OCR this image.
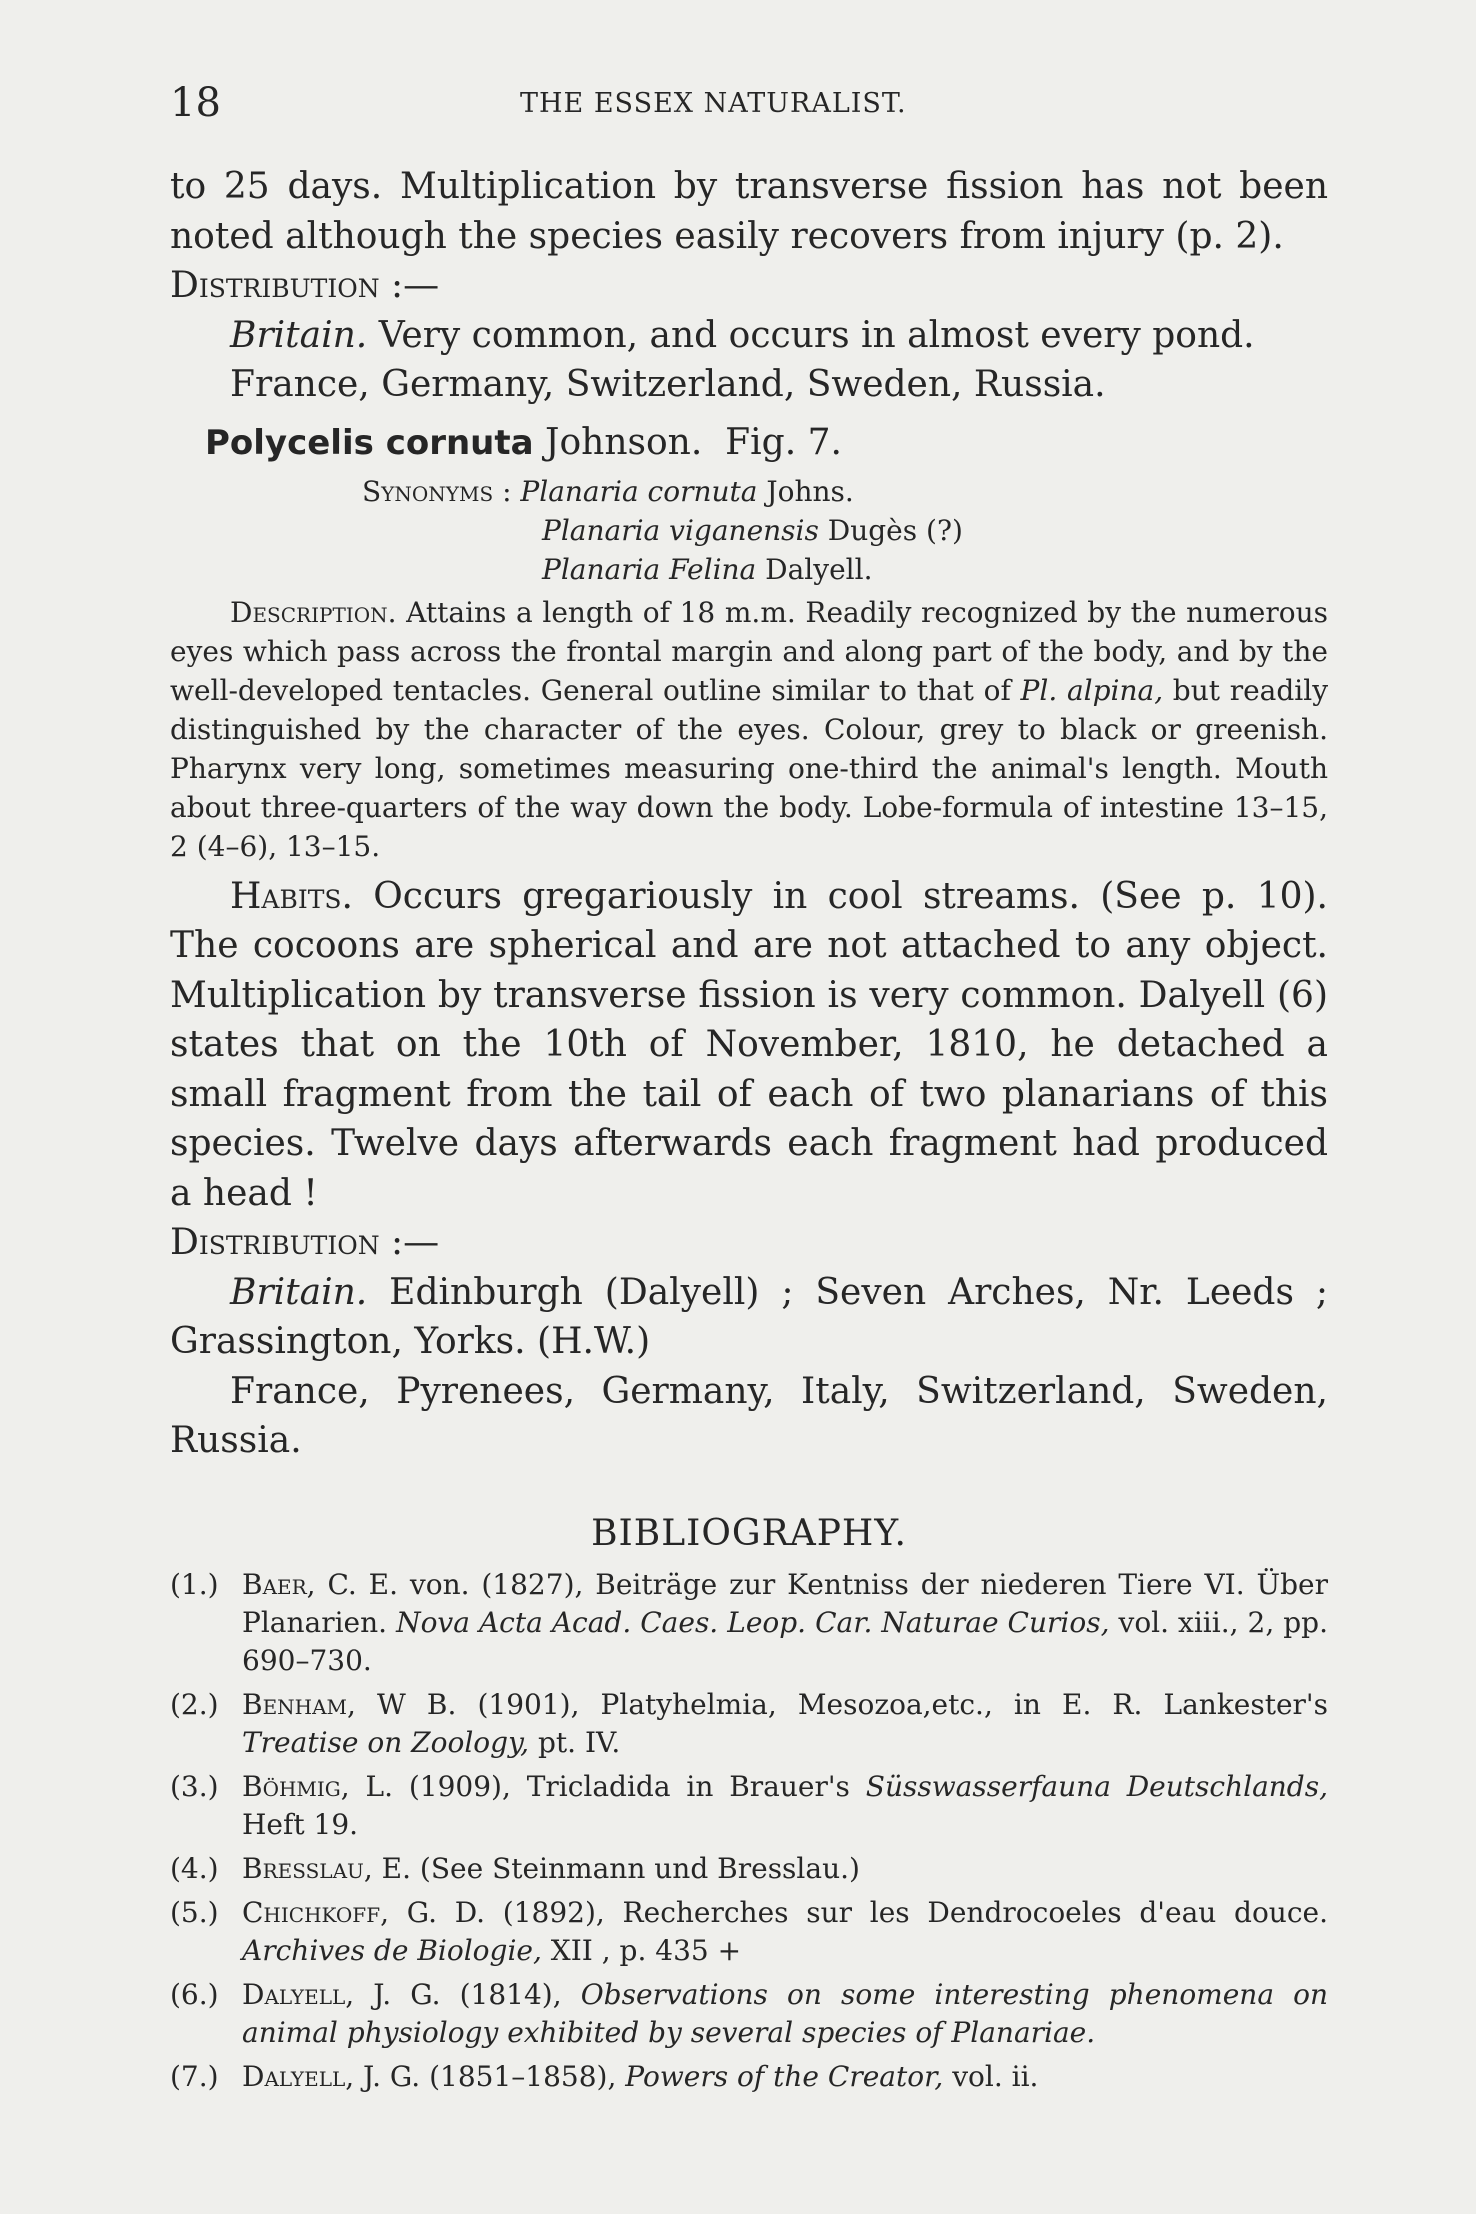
18	THE ESSEX NATURALIST.

to 25 days. Multiplication by transverse fission has not been noted although the species easily recovers from injury (p. 2).

Distribution :—

Britain. Very common, and occurs in almost every pond.

France, Germany, Switzerland, Sweden, Russia.

Polycelis cornuta Johnson. Fig. 7.

Synonyms : Planaria cornuta Johns.
Planaria viganensis Dugès (?)
Planaria Felina Dalyell.

Description. Attains a length of 18 m.m. Readily recognized by the numerous eyes which pass across the frontal margin and along part of the body, and by the well-developed tentacles. General outline similar to that of Pl. alpina, but readily distinguished by the character of the eyes. Colour, grey to black or greenish. Pharynx very long, sometimes measuring one-third the animal's length. Mouth about three-quarters of the way down the body. Lobe-formula of intestine 13–15, 2 (4–6), 13–15.

Habits. Occurs gregariously in cool streams. (See p. 10). The cocoons are spherical and are not attached to any object. Multiplication by transverse fission is very common. Dalyell (6) states that on the 10th of November, 1810, he detached a small fragment from the tail of each of two planarians of this species. Twelve days afterwards each fragment had produced a head !

Distribution :—

Britain. Edinburgh (Dalyell) ; Seven Arches, Nr. Leeds ; Grassington, Yorks. (H.W.)

France, Pyrenees, Germany, Italy, Switzerland, Sweden, Russia.

BIBLIOGRAPHY.
(1.) Baer, C. E. von. (1827), Beiträge zur Kentniss der niederen Tiere VI. Über Planarien. Nova Acta Acad. Caes. Leop. Car. Naturae Curios, vol. xiii., 2, pp. 690–730.
(2.) Benham, W B. (1901), Platyhelmia, Mesozoa,etc., in E. R. Lankester's Treatise on Zoology, pt. IV.
(3.) Böhmig, L. (1909), Tricladida in Brauer's Süsswasserfauna Deutschlands, Heft 19.
(4.) Bresslau, E. (See Steinmann und Bresslau.)
(5.) Chichkoff, G. D. (1892), Recherches sur les Dendrocoeles d'eau douce. Archives de Biologie, XII , p. 435 +
(6.) Dalyell, J. G. (1814), Observations on some interesting phenomena on animal physiology exhibited by several species of Planariae.
(7.) Dalyell, J. G. (1851–1858), Powers of the Creator, vol. ii.
